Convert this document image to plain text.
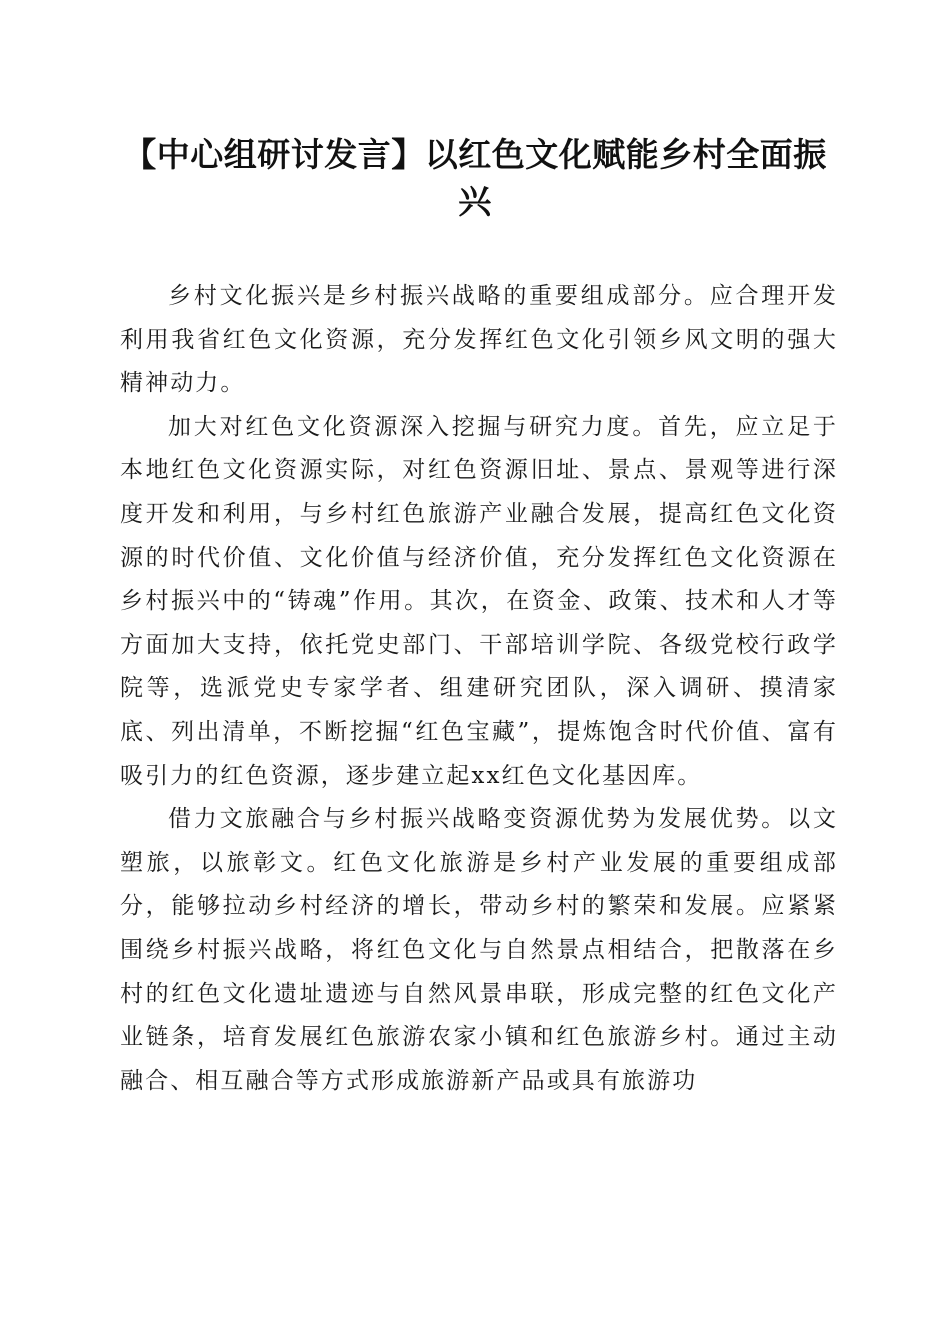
【中心组研讨发言】以红色文化赋能乡村全面振兴

乡村文化振兴是乡村振兴战略的重要组成部分。应合理开发利用我省红色文化资源，充分发挥红色文化引领乡风文明的强大精神动力。

加大对红色文化资源深入挖掘与研究力度。首先，应立足于本地红色文化资源实际，对红色资源旧址、景点、景观等进行深度开发和利用，与乡村红色旅游产业融合发展，提高红色文化资源的时代价值、文化价值与经济价值，充分发挥红色文化资源在乡村振兴中的“铸魂”作用。其次，在资金、政策、技术和人才等方面加大支持，依托党史部门、干部培训学院、各级党校行政学院等，选派党史专家学者、组建研究团队，深入调研、摸清家底、列出清单，不断挖掘“红色宝藏”，提炼饱含时代价值、富有吸引力的红色资源，逐步建立起xx红色文化基因库。

借力文旅融合与乡村振兴战略变资源优势为发展优势。以文塑旅，以旅彰文。红色文化旅游是乡村产业发展的重要组成部分，能够拉动乡村经济的增长，带动乡村的繁荣和发展。应紧紧围绕乡村振兴战略，将红色文化与自然景点相结合，把散落在乡村的红色文化遗址遗迹与自然风景串联，形成完整的红色文化产业链条，培育发展红色旅游农家小镇和红色旅游乡村。通过主动融合、相互融合等方式形成旅游新产品或具有旅游功
